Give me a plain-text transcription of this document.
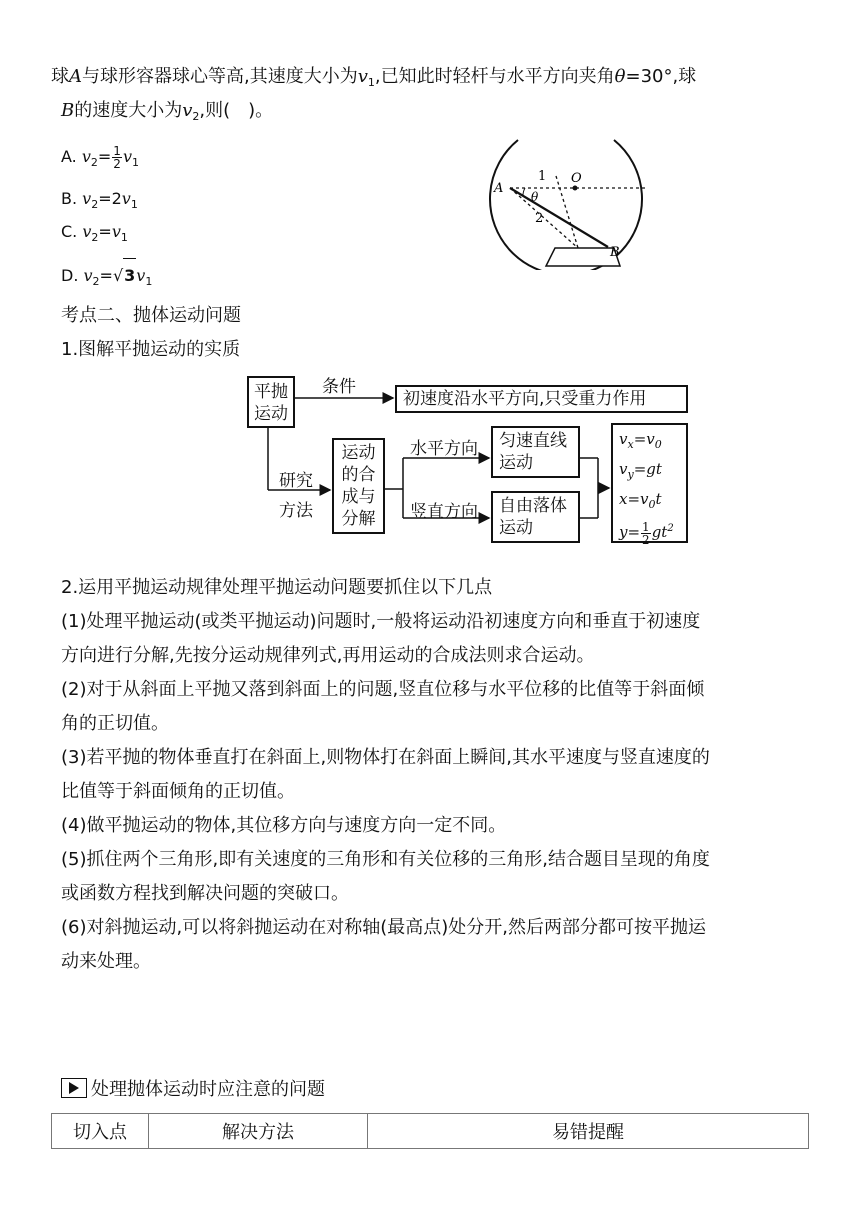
球A与球形容器球心等高,其速度大小为$v_1$,已知此时轻杆与水平方向夹角θ=30°,球
B的速度大小为$v_2$,则(　)。
A. $v_2= \frac{1}{2} v_1$
B. $v_2=2v_1$
C. $v_2=v_1$
D. $v_2=√3v_1$
A
B
O
1
2
θ
考点二、抛体运动问题
1.图解平抛运动的实质
平抛
运动
条件
初速度沿水平方向,只受重力作用
研究
方法
运动
的合
成与
分解
水平方向
竖直方向
匀速直线
运动
自由落体
运动
$v_x=v_0$
$v_y=gt$
$x=v_0t$
$y= \frac{1}{2} gt^2$
2.运用平抛运动规律处理平抛运动问题要抓住以下几点
(1)处理平抛运动(或类平抛运动)问题时,一般将运动沿初速度方向和垂直于初速度
方向进行分解,先按分运动规律列式,再用运动的合成法则求合运动。
(2)对于从斜面上平抛又落到斜面上的问题,竖直位移与水平位移的比值等于斜面倾
角的正切值。
(3)若平抛的物体垂直打在斜面上,则物体打在斜面上瞬间,其水平速度与竖直速度的
比值等于斜面倾角的正切值。
(4)做平抛运动的物体,其位移方向与速度方向一定不同。
(5)抓住两个三角形,即有关速度的三角形和有关位移的三角形,结合题目呈现的角度
或函数方程找到解决问题的突破口。
(6)对斜抛运动,可以将斜抛运动在对称轴(最高点)处分开,然后两部分都可按平抛运
动来处理。
处理抛体运动时应注意的问题
切入点	解决方法	易错提醒
